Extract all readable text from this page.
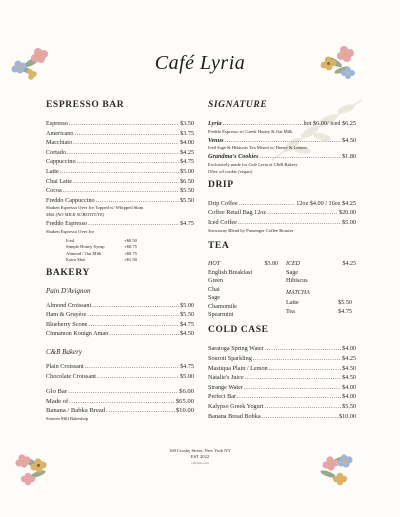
Café Lyria
ESPRESSO BAR
Espresso .....	$3.50
Americano .....	$3.75
Macchiato .....	$4.00
Cortado .....	$4.25
Cappuccino .....	$4.75
Latte .....	$5.00
Chai Latte .....	$6.50
Cocoa .....	$5.50
Freddo Cappuccino .....	$5.50
Shaken Espresso Over Ice Topped w/ Whipped Skim
Milk (NO MILK SUBSTITUTE)
Freddo Espresso .....	$4.75
Shaken Espresso Over Ice
Iced	+$0.50
Simple Honey Syrup	+$0.75
Almond / Oat Milk	+$0.75
Extra Shot	+$1.50
BAKERY
Pain D'Avignon
Almond Croissant .....	$5.00
Ham & Gruyère .....	$5.50
Blueberry Scone .....	$4.75
Cinnamon Kouign Aman .....	$4.50
C&B Bakery
Plain Croissant .....	$4.75
Chocolate Croissant .....	$5.00
Glo Bar .....	$6.00
Made of .....	$65.00
Banana / Babka Bread .....	$10.00
Sixteen Mill Bakeshop
SIGNATURE
Lyria .....	hot $6.00/ iced $6.25
Freddo Espresso w/ Greek Honey & Oat Milk
Venus .....	$4.50
Iced Sage & Hibiscus Tea Mixed w/ Honey & Lemon
Grandma's Cookies .....	$1.80
Exclusively made for Cafe Lyria at C&B Bakery
Olive oil cookie (vegan)
DRIP
Drip Coffee .....	12oz $4.00 / 16oz $4.25
Coffee Retail Bag 12oz .....	$20.00
Iced Coffee .....	$5.00
Stowaway Blend by Passenger Coffee Roaster
TEA
HOT	$3.80
English Breakfast
Green
Chai
Sage
Chamomile
Spearmint
ICED	$4.25
Sage
Hibiscus
MATCHA
Latte	$5.50
Tea	$4.75
COLD CASE
Saratoga Spring Water .....	$4.00
Souroti Sparkling .....	$4.25
Mastiqua Plain / Lemon .....	$4.50
Natalie's Juice .....	$4.50
Strange Water .....	$4.00
Perfect Bar .....	$4.00
Kalypso Greek Yogurt .....	$5.50
Banana Bread Bobka .....	$10.00
160 Crosby Street, New York NY
EST 2022
cafelyria.com
